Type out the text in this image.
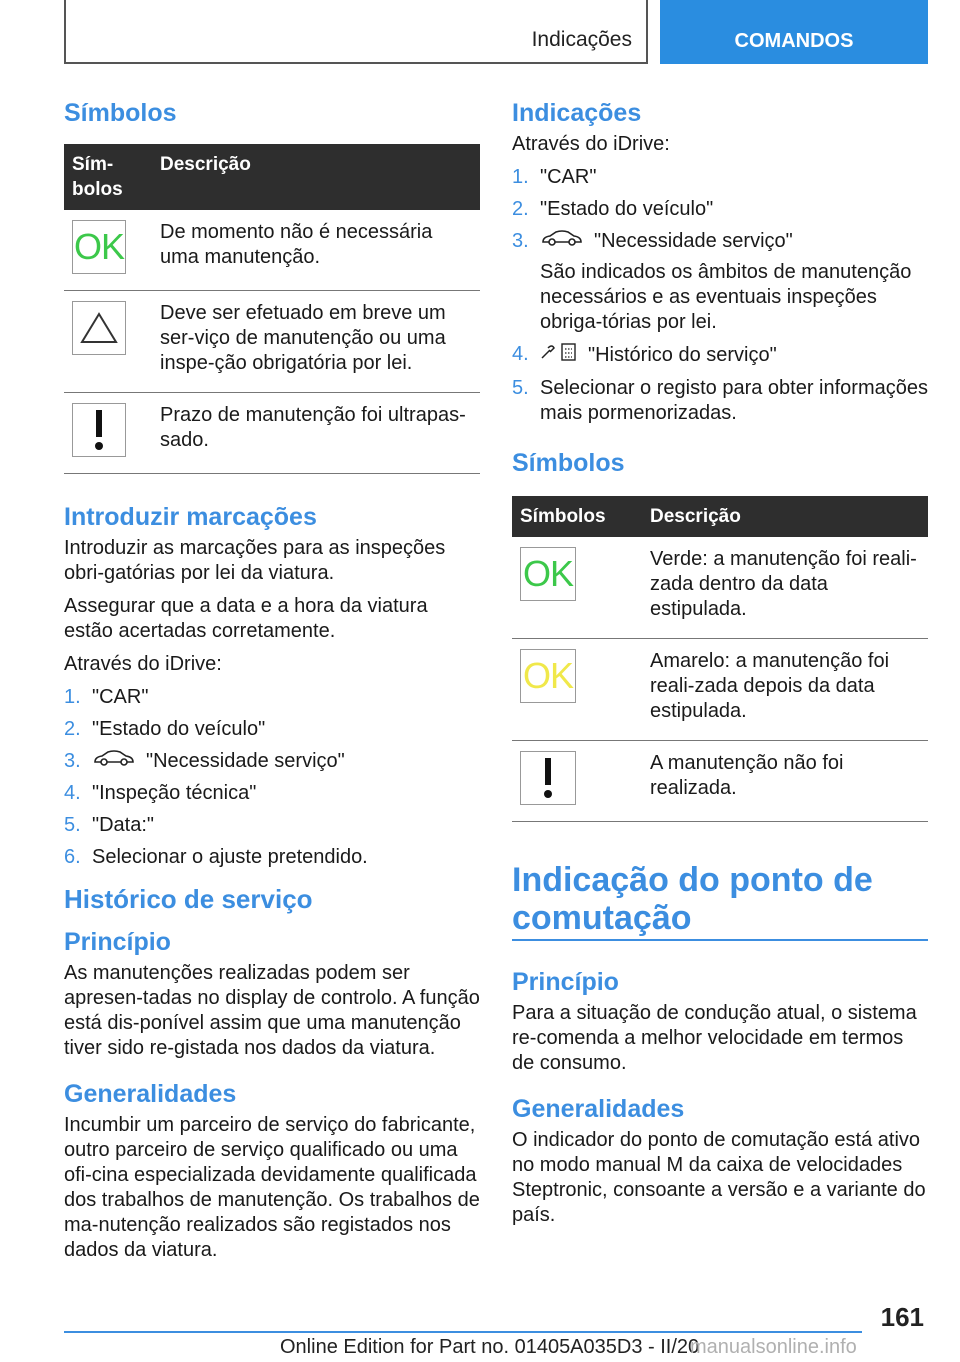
Indicações	COMANDOS
Símbolos
Sím-
bolos	Descrição

OK	De momento não é necessária uma manutenção.

	Deve ser efetuado em breve um ser-viço de manutenção ou uma inspe-ção obrigatória por lei.

	Prazo de manutenção foi ultrapas-sado.
Introduzir marcações

Introduzir as marcações para as inspeções obri-gatórias por lei da viatura.

Assegurar que a data e a hora da viatura estão acertadas corretamente.

Através do iDrive:

1. "CAR"
2. "Estado do veículo"
3.	"Necessidade serviço"
4. "Inspeção técnica"
5. "Data:"
6. Selecionar o ajuste pretendido.
Histórico de serviço
Princípio

As manutenções realizadas podem ser apresen-tadas no display de controlo. A função está dis-ponível assim que uma manutenção tiver sido re-gistada nos dados da viatura.

Generalidades

Incumbir um parceiro de serviço do fabricante, outro parceiro de serviço qualificado ou uma ofi-cina especializada devidamente qualificada dos trabalhos de manutenção. Os trabalhos de ma-nutenção realizados são registados nos dados da viatura.

Indicações

Através do iDrive:

1. "CAR"
2. "Estado do veículo"
3.	"Necessidade serviço"
São indicados os âmbitos de manutenção necessários e as eventuais inspeções obriga-tórias por lei.
4.	"Histórico do serviço"
5. Selecionar o registo para obter informações mais pormenorizadas.
Símbolos
Símbolos	Descrição

OK	Verde: a manutenção foi reali-zada dentro da data estipulada.

OK	Amarelo: a manutenção foi reali-zada depois da data estipulada.

	A manutenção não foi realizada.
Indicação do ponto de comutação
Princípio

Para a situação de condução atual, o sistema re-comenda a melhor velocidade em termos de consumo.

Generalidades

O indicador do ponto de comutação está ativo no modo manual M da caixa de velocidades Steptronic, consoante a versão e a variante do país.

161
Online Edition for Part no. 01405A035D3 - II/20
manualsonline.info
